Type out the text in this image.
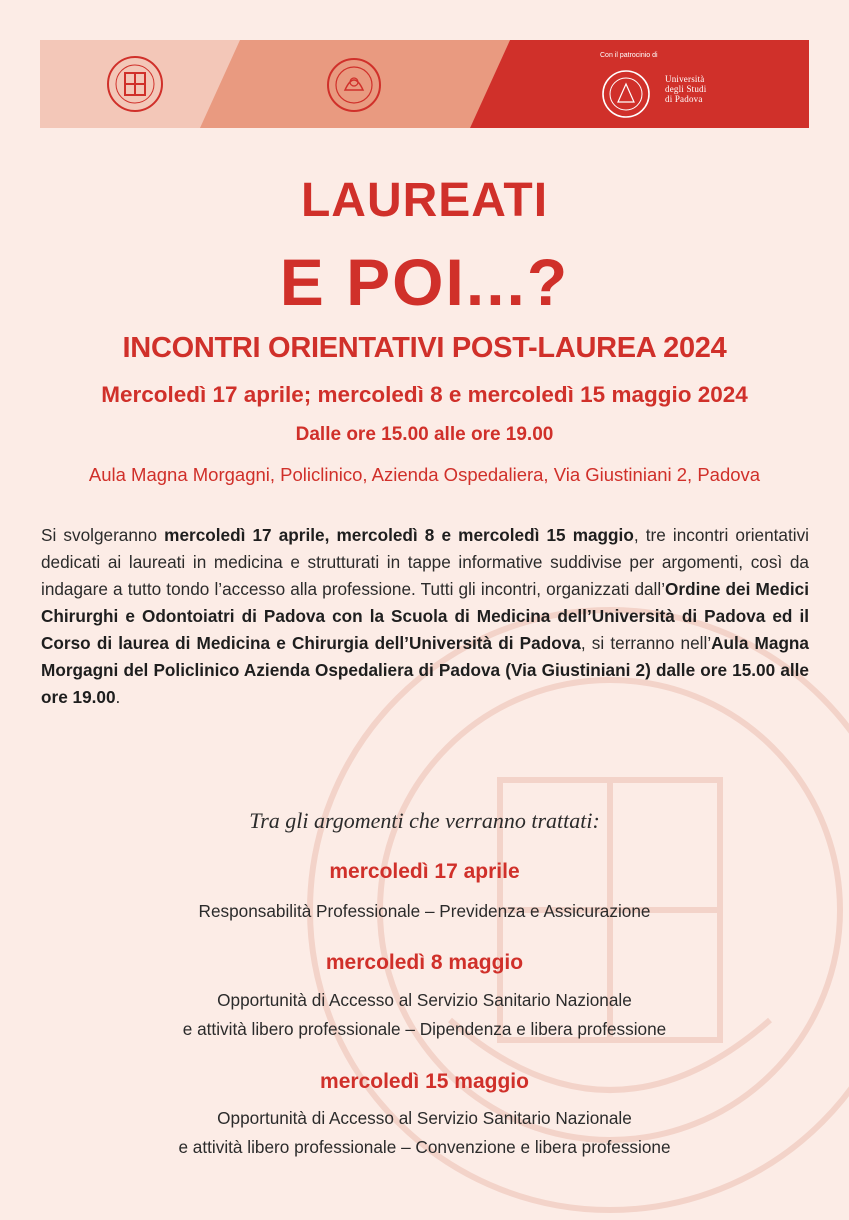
Con il patrocinio di
Università
degli Studi
di Padova
LAUREATI
E POI...?
INCONTRI ORIENTATIVI POST-LAUREA 2024
Mercoledì 17 aprile; mercoledì 8 e mercoledì 15 maggio 2024
Dalle ore 15.00 alle ore 19.00
Aula Magna Morgagni, Policlinico, Azienda Ospedaliera, Via Giustiniani 2, Padova
Si svolgeranno mercoledì 17 aprile, mercoledì 8 e mercoledì 15 maggio, tre incontri orientativi dedicati ai laureati in medicina e strutturati in tappe informative suddivise per argomenti, così da indagare a tutto tondo l’accesso alla professione. Tutti gli incontri, organizzati dall’Ordine dei Medici Chirurghi e Odontoiatri di Padova con la Scuola di Medicina dell’Università di Padova ed il Corso di laurea di Medicina e Chirurgia dell’Università di Padova, si terranno nell’Aula Magna Morgagni del Policlinico Azienda Ospedaliera di Padova (Via Giustiniani 2) dalle ore 15.00 alle ore 19.00.
Tra gli argomenti che verranno trattati:
mercoledì 17 aprile
Responsabilità Professionale – Previdenza e Assicurazione
mercoledì 8 maggio
Opportunità di Accesso al Servizio Sanitario Nazionale
e attività libero professionale – Dipendenza e libera professione
mercoledì 15 maggio
Opportunità di Accesso al Servizio Sanitario Nazionale
e attività libero professionale – Convenzione e libera professione
